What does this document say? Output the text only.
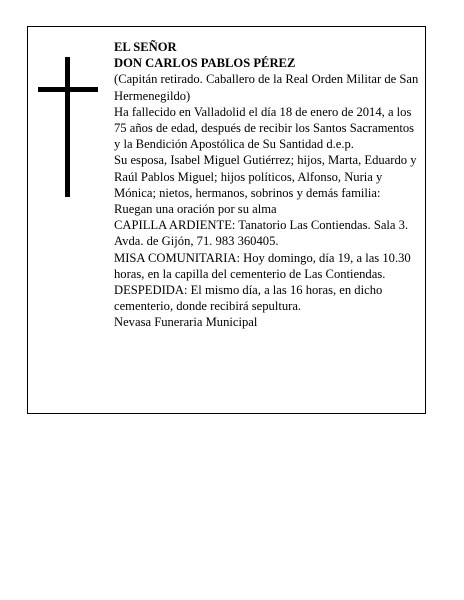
EL SEÑOR

DON CARLOS PABLOS PÉREZ

(Capitán retirado. Caballero de la Real Orden Militar de San Hermenegildo)

Ha fallecido en Valladolid el día 18 de enero de 2014, a los 75 años de edad, después de recibir los Santos Sacramentos y la Bendición Apostólica de Su Santidad d.e.p.

Su esposa, Isabel Miguel Gutiérrez; hijos, Marta, Eduardo y Raúl Pablos Miguel; hijos políticos, Alfonso, Nuria y Mónica; nietos, hermanos, sobrinos y demás familia:

Ruegan una oración por su alma

CAPILLA ARDIENTE: Tanatorio Las Contiendas. Sala 3. Avda. de Gijón, 71. 983 360405.

MISA COMUNITARIA: Hoy domingo, día 19, a las 10.30 horas, en la capilla del cementerio de Las Contiendas.

DESPEDIDA: El mismo día, a las 16 horas, en dicho cementerio, donde recibirá sepultura.

Nevasa Funeraria Municipal
